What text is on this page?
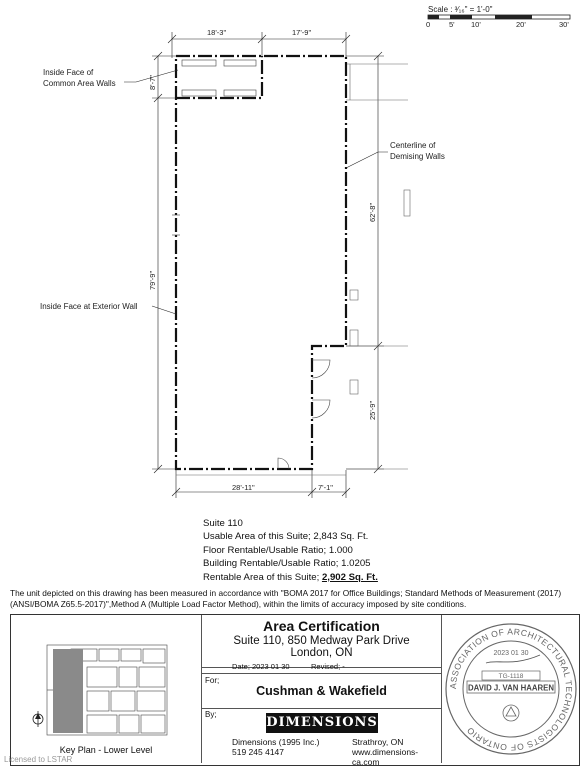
Scale : ³⁄₁₆" = 1'-0"
0	5' 10'	20'	30'
18'-3"	17'-9"
8'-7"
79'-9"
62'-8"
25'-9"
28'-11"	7'-1"
Inside Face of
Common Area Walls
Centerline of
Demising Walls
Inside Face at Exterior Wall
Suite 110
Usable Area of this Suite; 2,843 Sq. Ft.
Floor Rentable/Usable Ratio; 1.000
Building Rentable/Usable Ratio; 1.0205
Rentable Area of this Suite; 2,902 Sq. Ft.
The unit depicted on this drawing has been measured in accordance with "BOMA 2017 for Office Buildings; Standard Methods of Measurement (2017) (ANSI/BOMA Z65.5-2017)",Method A (Multiple Load Factor Method), within the limits of accuracy imposed by site conditions.
Key Plan - Lower Level
Area Certification
Suite 110, 850 Medway Park Drive
London, ON
Date; 2023 01 30	Revised; -
For;
Cushman & Wakefield
By;
DIMENSIONS
Dimensions (1995 Inc.)
519 245 4147
Strathroy, ON
www.dimensions-ca.com
ASSOCIATION OF ARCHITECTURAL TECHNOLOGISTS OF ONTARIO
2023 01 30
TG-1118
DAVID J. VAN HAAREN
Licensed to LSTAR
